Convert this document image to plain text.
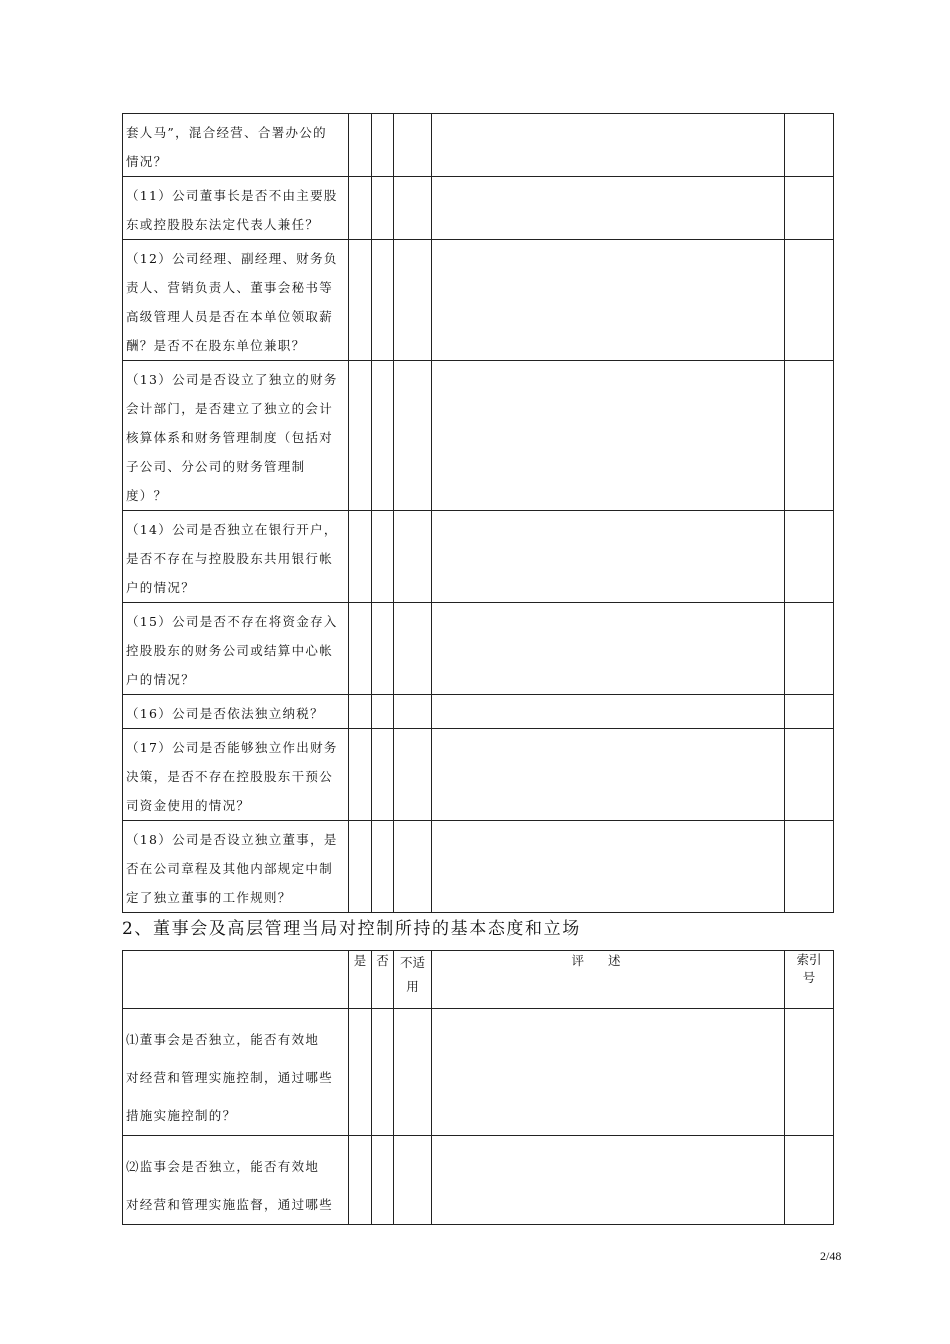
套人马”，混合经营、合署办公的
情况？					

（11）公司董事长是否不由主要股
东或控股股东法定代表人兼任？					

（12）公司经理、副经理、财务负
责人、营销负责人、董事会秘书等
高级管理人员是否在本单位领取薪
酬？是否不在股东单位兼职？					

（13）公司是否设立了独立的财务
会计部门，是否建立了独立的会计
核算体系和财务管理制度（包括对
子公司、分公司的财务管理制
度）？					

（14）公司是否独立在银行开户，
是否不存在与控股股东共用银行帐
户的情况？					

（15）公司是否不存在将资金存入
控股股东的财务公司或结算中心帐
户的情况？					

（16）公司是否依法独立纳税？					

（17）公司是否能够独立作出财务
决策，是否不存在控股股东干预公
司资金使用的情况？					

（18）公司是否设立独立董事，是
否在公司章程及其他内部规定中制
定了独立董事的工作规则？					

2、董事会及高层管理当局对控制所持的基本态度和立场
	是	否	不适
用	评述	索引
号

⑴董事会是否独立，能否有效地
对经营和管理实施控制，通过哪些
措施实施控制的？					

⑵监事会是否独立，能否有效地
对经营和管理实施监督，通过哪些					

2/48
